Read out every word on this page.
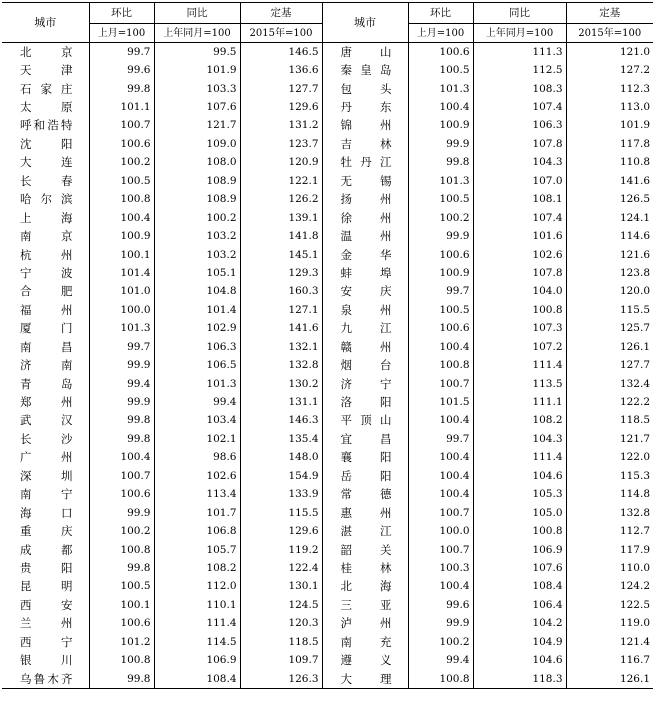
城市	环比	同比	定基	城市	环比	同比	定基
	上月=100	上年同月=100	2015年=100		上月=100	上年同月=100	2015年=100
北京	99.7	99.5	146.5	唐山	100.6	111.3	121.0
天津	99.6	101.9	136.6	秦皇岛	100.5	112.5	127.2
石家庄	99.8	103.3	127.7	包头	101.3	108.3	112.3
太原	101.1	107.6	129.6	丹东	100.4	107.4	113.0
呼和浩特	100.7	121.7	131.2	锦州	100.9	106.3	101.9
沈阳	100.6	109.0	123.7	吉林	99.9	107.8	117.8
大连	100.2	108.0	120.9	牡丹江	99.8	104.3	110.8
长春	100.5	108.9	122.1	无锡	101.3	107.0	141.6
哈尔滨	100.8	108.9	126.2	扬州	100.5	108.1	126.5
上海	100.4	100.2	139.1	徐州	100.2	107.4	124.1
南京	100.9	103.2	141.8	温州	99.9	101.6	114.6
杭州	100.1	103.2	145.1	金华	100.6	102.6	121.6
宁波	101.4	105.1	129.3	蚌埠	100.9	107.8	123.8
合肥	101.0	104.8	160.3	安庆	99.7	104.0	120.0
福州	100.0	101.4	127.1	泉州	100.5	100.8	115.5
厦门	101.3	102.9	141.6	九江	100.6	107.3	125.7
南昌	99.7	106.3	132.1	赣州	100.4	107.2	126.1
济南	99.9	106.5	132.8	烟台	100.8	111.4	127.7
青岛	99.4	101.3	130.2	济宁	100.7	113.5	132.4
郑州	99.9	99.4	131.1	洛阳	101.5	111.1	122.2
武汉	99.8	103.4	146.3	平顶山	100.4	108.2	118.5
长沙	99.8	102.1	135.4	宜昌	99.7	104.3	121.7
广州	100.4	98.6	148.0	襄阳	100.4	111.4	122.0
深圳	100.7	102.6	154.9	岳阳	100.4	104.6	115.3
南宁	100.6	113.4	133.9	常德	100.4	105.3	114.8
海口	99.9	101.7	115.5	惠州	100.7	105.0	132.8
重庆	100.2	106.8	129.6	湛江	100.0	100.8	112.7
成都	100.8	105.7	119.2	韶关	100.7	106.9	117.9
贵阳	99.8	108.2	122.4	桂林	100.3	107.6	110.0
昆明	100.5	112.0	130.1	北海	100.4	108.4	124.2
西安	100.1	110.1	124.5	三亚	99.6	106.4	122.5
兰州	100.6	111.4	120.3	泸州	99.9	104.2	119.0
西宁	101.2	114.5	118.5	南充	100.2	104.9	121.4
银川	100.8	106.9	109.7	遵义	99.4	104.6	116.7
乌鲁木齐	99.8	108.4	126.3	大理	100.8	118.3	126.1
